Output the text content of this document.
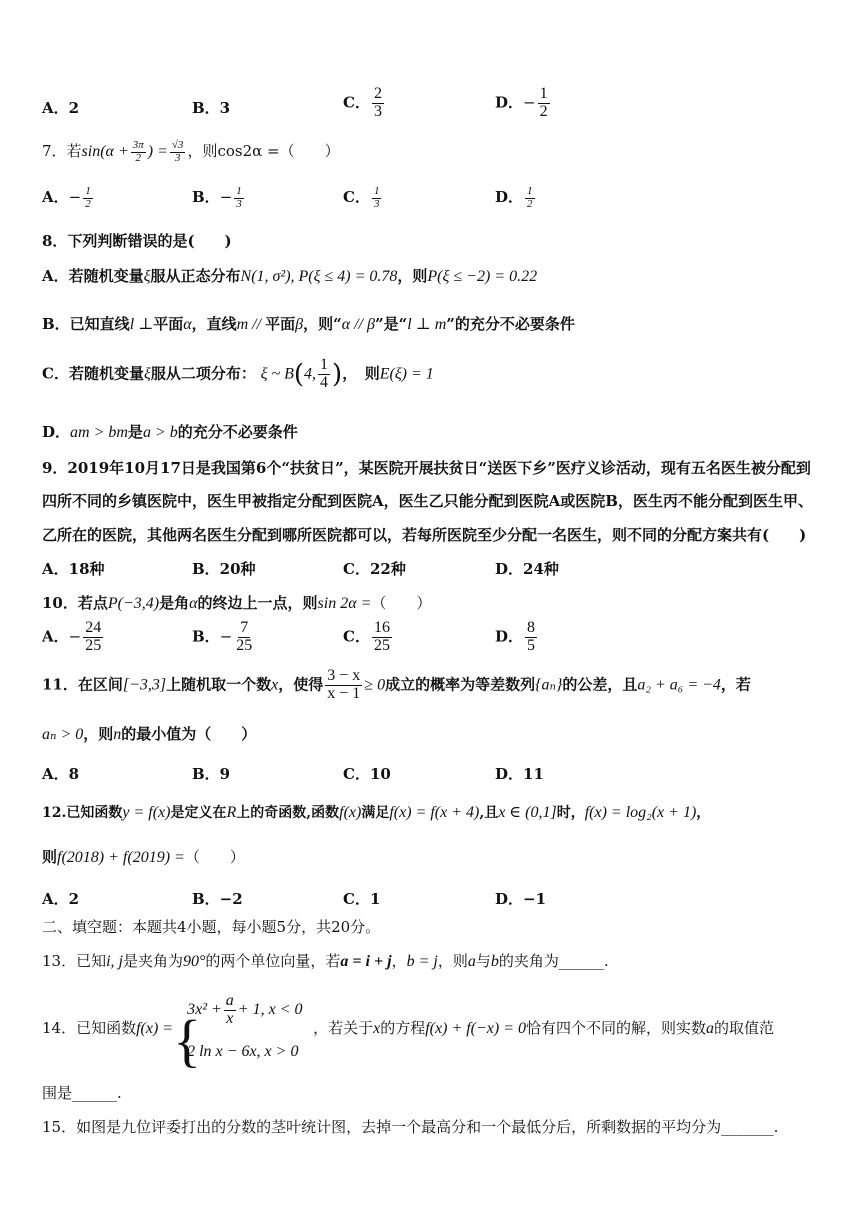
A．2	B．3	C． $\frac{2}{3}$	D．− $\frac{1}{2}$
7．若$\sin(\alpha + \frac{3\pi}{2}$ ) = $\frac{√3}{3}$ ，则cos2α =（　　）
A．− $\frac{1}{2}$	B．− $\frac{1}{3}$	C． $\frac{1}{3}$	D． $\frac{1}{2}$
8．下列判断错误的是(　　)
A．若随机变量ξ服从正态分布N(1, σ²), P(ξ ≤ 4) = 0.78，则P(ξ ≤ −2) = 0.22
B．已知直线l ⊥平面α，直线m // 平面β，则“α // β”是“l ⊥ m”的充分不必要条件
C．若随机变量ξ服从二项分布： ξ ~ B(4, $\frac{1}{4}$ )，　则E(ξ) = 1
D．am > bm是a > b的充分不必要条件
9．2019年10月17日是我国第6个“扶贫日”，某医院开展扶贫日“送医下乡”医疗义诊活动，现有五名医生被分配到
四所不同的乡镇医院中，医生甲被指定分配到医院A，医生乙只能分配到医院A或医院B，医生丙不能分配到医生甲、
乙所在的医院，其他两名医生分配到哪所医院都可以，若每所医院至少分配一名医生，则不同的分配方案共有(　　)
A．18种	B．20种	C．22种	D．24种
10．若点P(−3,4)是角α的终边上一点，则sin 2α =（　　）
A．− $\frac{24}{25}$	B．− $\frac{7}{25}$	C． $\frac{16}{25}$	D． $\frac{8}{5}$
11．在区间[−3,3]上随机取一个数x，使得 $\frac{3 - x}{x - 1} \ge 0$成立的概率为等差数列{aₙ}的公差，且a₂ + a₆ = −4，若
aₙ > 0，则n的最小值为（　　）
A．8	B．9	C．10	D．11
12.已知函数y = f(x)是定义在R上的奇函数,函数f(x)满足f(x) = f(x + 4),且x ∈ (0,1]时，f(x) = log₂(x + 1)，
则f(2018) + f(2019) =（　　）
A．2	B．−2	C．1	D．−1
二、填空题：本题共4小题，每小题5分，共20分。
13．已知i, j是夹角为90°的两个单位向量，若a = i + j，b = j，则a与b的夹角为______.
14．已知函数f(x) = {
$3x^2 + \frac{a}{x} + 1$, x < 0
2 ln x − 6x, x > 0
，若关于x的方程f(x) + f(−x) = 0恰有四个不同的解，则实数a的取值范
围是______.
15．如图是九位评委打出的分数的茎叶统计图，去掉一个最高分和一个最低分后，所剩数据的平均分为_______.
